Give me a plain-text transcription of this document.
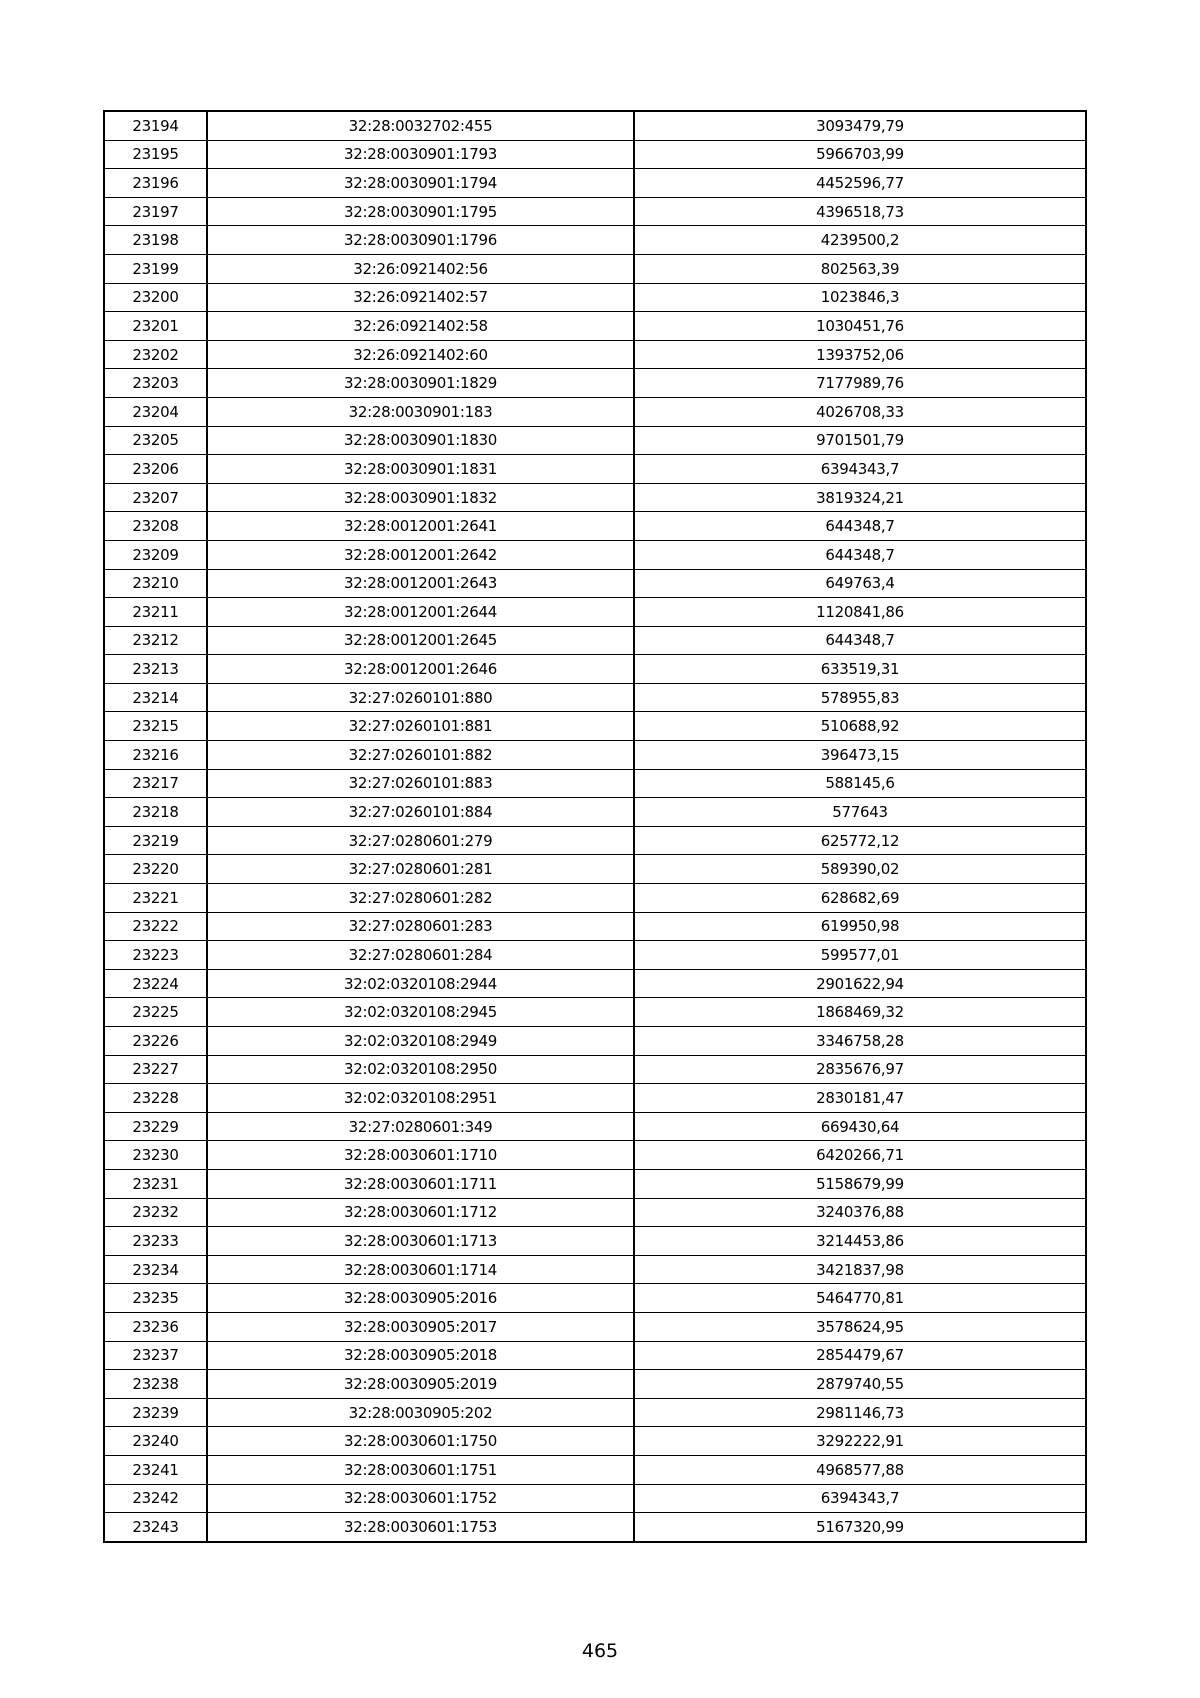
23194	32:28:0032702:455	3093479,79
23195	32:28:0030901:1793	5966703,99
23196	32:28:0030901:1794	4452596,77
23197	32:28:0030901:1795	4396518,73
23198	32:28:0030901:1796	4239500,2
23199	32:26:0921402:56	802563,39
23200	32:26:0921402:57	1023846,3
23201	32:26:0921402:58	1030451,76
23202	32:26:0921402:60	1393752,06
23203	32:28:0030901:1829	7177989,76
23204	32:28:0030901:183	4026708,33
23205	32:28:0030901:1830	9701501,79
23206	32:28:0030901:1831	6394343,7
23207	32:28:0030901:1832	3819324,21
23208	32:28:0012001:2641	644348,7
23209	32:28:0012001:2642	644348,7
23210	32:28:0012001:2643	649763,4
23211	32:28:0012001:2644	1120841,86
23212	32:28:0012001:2645	644348,7
23213	32:28:0012001:2646	633519,31
23214	32:27:0260101:880	578955,83
23215	32:27:0260101:881	510688,92
23216	32:27:0260101:882	396473,15
23217	32:27:0260101:883	588145,6
23218	32:27:0260101:884	577643
23219	32:27:0280601:279	625772,12
23220	32:27:0280601:281	589390,02
23221	32:27:0280601:282	628682,69
23222	32:27:0280601:283	619950,98
23223	32:27:0280601:284	599577,01
23224	32:02:0320108:2944	2901622,94
23225	32:02:0320108:2945	1868469,32
23226	32:02:0320108:2949	3346758,28
23227	32:02:0320108:2950	2835676,97
23228	32:02:0320108:2951	2830181,47
23229	32:27:0280601:349	669430,64
23230	32:28:0030601:1710	6420266,71
23231	32:28:0030601:1711	5158679,99
23232	32:28:0030601:1712	3240376,88
23233	32:28:0030601:1713	3214453,86
23234	32:28:0030601:1714	3421837,98
23235	32:28:0030905:2016	5464770,81
23236	32:28:0030905:2017	3578624,95
23237	32:28:0030905:2018	2854479,67
23238	32:28:0030905:2019	2879740,55
23239	32:28:0030905:202	2981146,73
23240	32:28:0030601:1750	3292222,91
23241	32:28:0030601:1751	4968577,88
23242	32:28:0030601:1752	6394343,7
23243	32:28:0030601:1753	5167320,99
465
